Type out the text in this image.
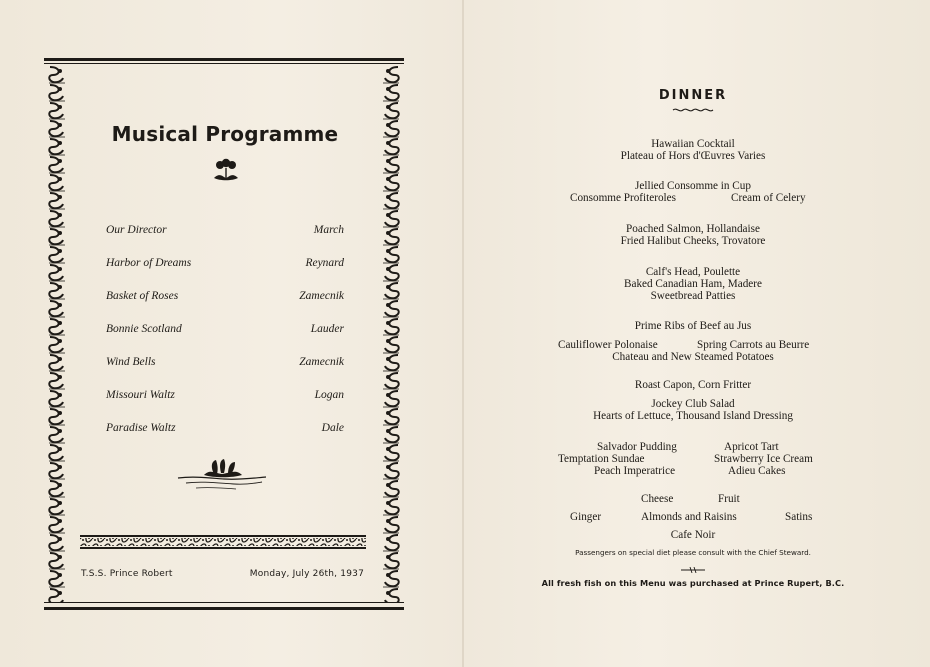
Musical Programme
Our Director	March
Harbor of Dreams	Reynard
Basket of Roses	Zamecnik
Bonnie Scotland	Lauder
Wind Bells	Zamecnik
Missouri Waltz	Logan
Paradise Waltz	Dale
T.S.S. Prince Robert	Monday, July 26th, 1937
DINNER
Hawaiian Cocktail
Plateau of Hors d'Œuvres Varies
Jellied Consomme in Cup
Consomme Profiteroles	Cream of Celery
Poached Salmon, Hollandaise
Fried Halibut Cheeks, Trovatore
Calf's Head, Poulette
Baked Canadian Ham, Madere
Sweetbread Patties
Prime Ribs of Beef au Jus
Cauliflower Polonaise	Spring Carrots au Beurre
Chateau and New Steamed Potatoes
Roast Capon, Corn Fritter
Jockey Club Salad
Hearts of Lettuce, Thousand Island Dressing
Salvador Pudding	Apricot Tart
Temptation Sundae	Strawberry Ice Cream
Peach Imperatrice	Adieu Cakes
Cheese	Fruit
Ginger	Almonds and Raisins	Satins
Cafe Noir
Passengers on special diet please consult with the Chief Steward.
All fresh fish on this Menu was purchased at Prince Rupert, B.C.
